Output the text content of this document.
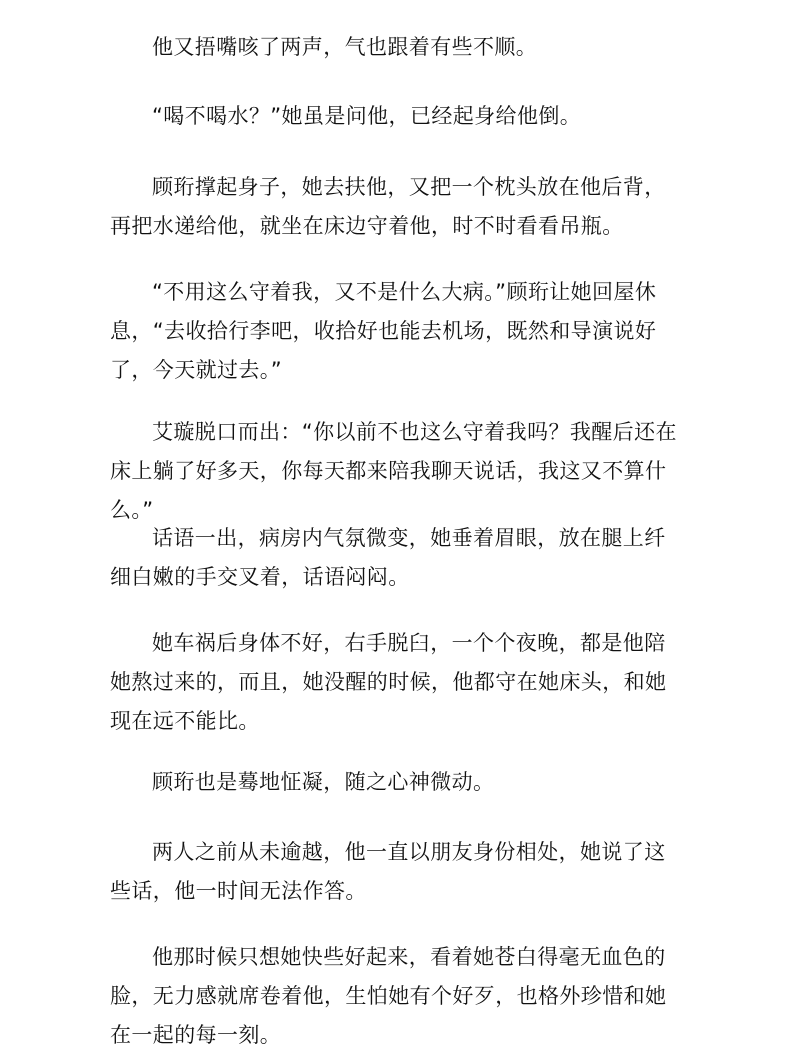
他又捂嘴咳了两声，气也跟着有些不顺。

“喝不喝水？”她虽是问他，已经起身给他倒。

顾珩撑起身子，她去扶他，又把一个枕头放在他后背，再把水递给他，就坐在床边守着他，时不时看看吊瓶。

“不用这么守着我，又不是什么大病。”顾珩让她回屋休息，“去收拾行李吧，收拾好也能去机场，既然和导演说好了，今天就过去。”

艾璇脱口而出：“你以前不也这么守着我吗？我醒后还在床上躺了好多天，你每天都来陪我聊天说话，我这又不算什么。”

话语一出，病房内气氛微变，她垂着眉眼，放在腿上纤细白嫩的手交叉着，话语闷闷。

她车祸后身体不好，右手脱臼，一个个夜晚，都是他陪她熬过来的，而且，她没醒的时候，他都守在她床头，和她现在远不能比。

顾珩也是蓦地怔凝，随之心神微动。

两人之前从未逾越，他一直以朋友身份相处，她说了这些话，他一时间无法作答。

他那时候只想她快些好起来，看着她苍白得毫无血色的脸，无力感就席卷着他，生怕她有个好歹，也格外珍惜和她在一起的每一刻。
